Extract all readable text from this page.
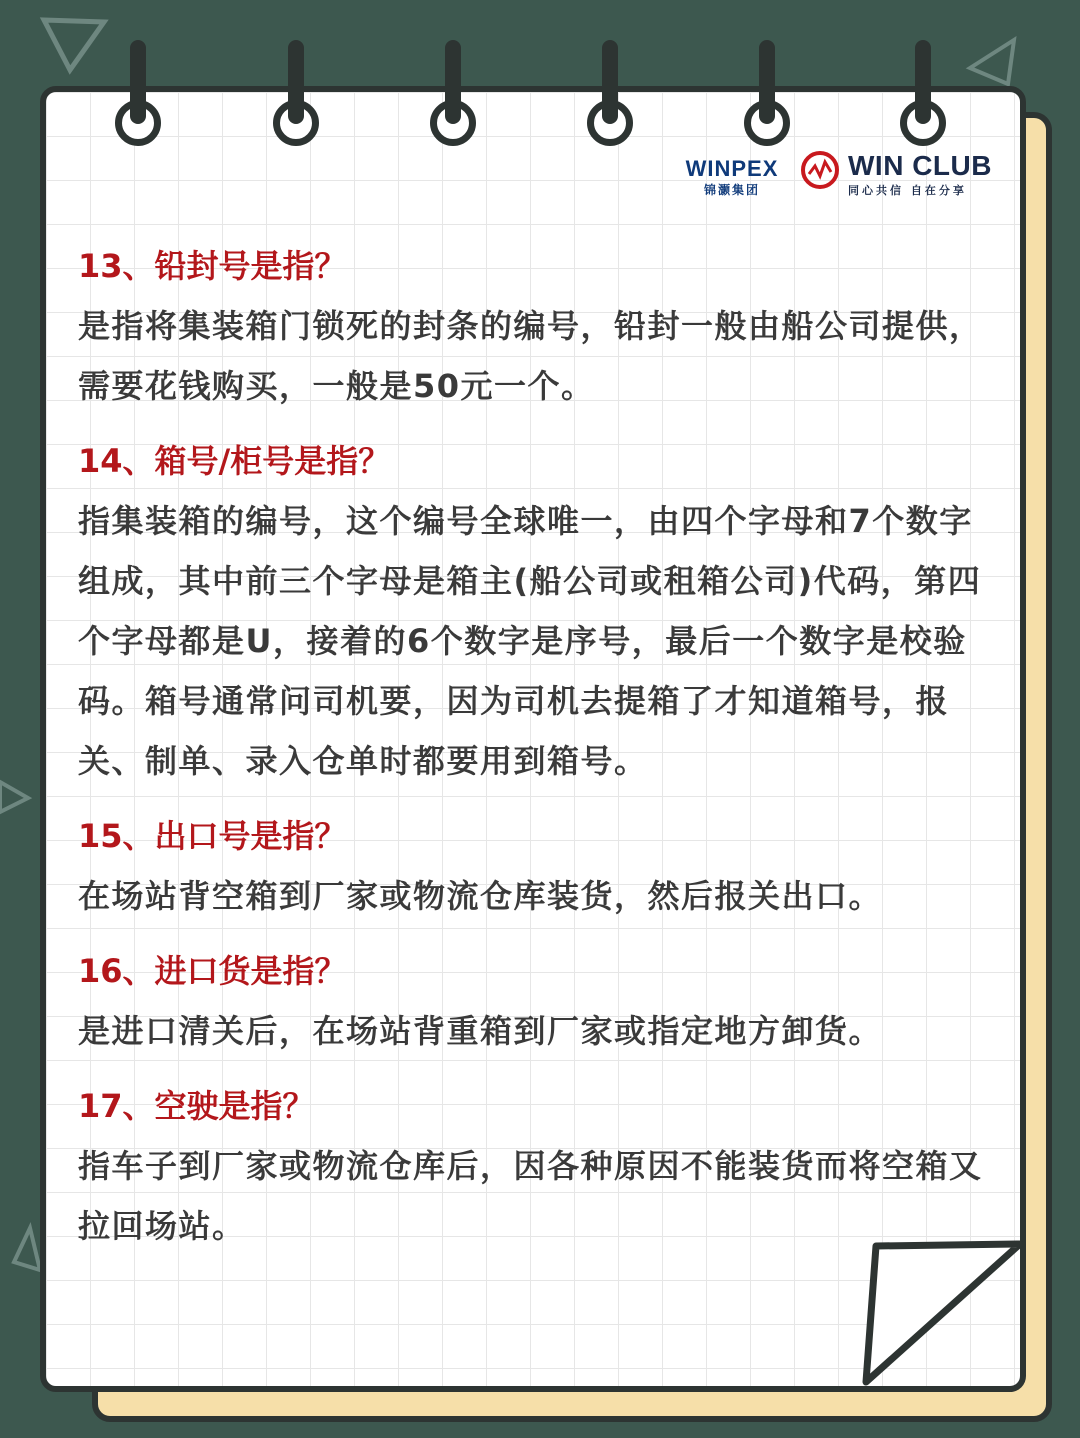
WINPEX
锦灏集团
WIN CLUB
同心共信 自在分享

13、铅封号是指？

是指将集装箱门锁死的封条的编号，铅封一般由船公司提供，需要花钱购买，一般是50元一个。

14、箱号/柜号是指？

指集装箱的编号，这个编号全球唯一，由四个字母和7个数字组成，其中前三个字母是箱主(船公司或租箱公司)代码，第四个字母都是U，接着的6个数字是序号，最后一个数字是校验码。箱号通常问司机要，因为司机去提箱了才知道箱号，报关、制单、录入仓单时都要用到箱号。

15、出口号是指？

在场站背空箱到厂家或物流仓库装货，然后报关出口。

16、进口货是指？

是进口清关后，在场站背重箱到厂家或指定地方卸货。

17、空驶是指？

指车子到厂家或物流仓库后，因各种原因不能装货而将空箱又拉回场站。
